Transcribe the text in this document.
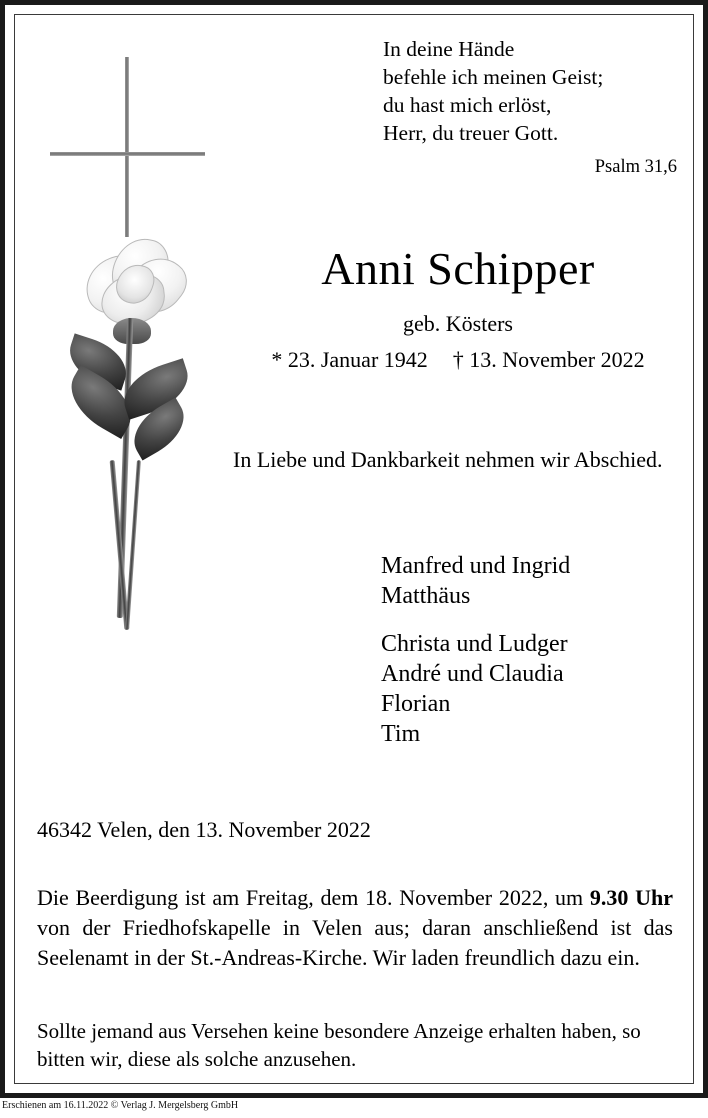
In deine Hände
befehle ich meinen Geist;
du hast mich erlöst,
Herr, du treuer Gott.
Psalm 31,6
Anni Schipper
geb. Kösters
* 23. Januar 1942 † 13. November 2022
In Liebe und Dankbarkeit nehmen wir Abschied.
Manfred und Ingrid
Matthäus
Christa und Ludger
André und Claudia
Florian
Tim
46342 Velen, den 13. November 2022
Die Beerdigung ist am Freitag, dem 18. November 2022, um 9.30 Uhr von der Friedhofskapelle in Velen aus; daran anschließend ist das Seelenamt in der St.-Andreas-Kirche. Wir laden freundlich dazu ein.
Sollte jemand aus Versehen keine besondere Anzeige erhalten haben, so bitten wir, diese als solche anzusehen.
Erschienen am 16.11.2022 © Verlag J. Mergelsberg GmbH
